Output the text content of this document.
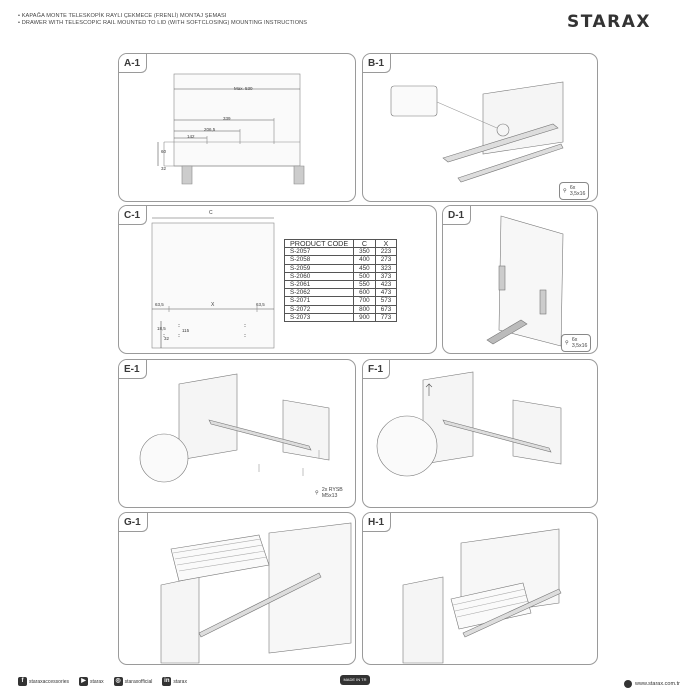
• KAPAĞA MONTE TELESKOPİK RAYLI ÇEKMECE (FRENLİ) MONTAJ ŞEMASI
• DRAWER WITH TELESCOPIC RAIL MOUNTED TO LID (WITH SOFTCLOSING) MOUNTING INSTRUCTIONS	STARAX
A-1
Max. 530
339
206,5
142
60
32
B-1
⚲ 6x
3,5x16
C-1	C
X
63,5	63,5
32
18,5	115
PRODUCT CODE	C	X
S-2057	350	223
S-2058	400	273
S-2059	450	323
S-2060	500	373
S-2061	550	423
S-2062	600	473
S-2071	700	573
S-2072	800	673
S-2073	900	773
D-1
⚲ 6x
3,5x16
E-1
⚲ 2x RYSB
M5x13
F-1
G-1	H-1
f	staraxaccessories	▶ starax	◎ staraxofficial	in starax	MADE IN TR
www.starax.com.tr
